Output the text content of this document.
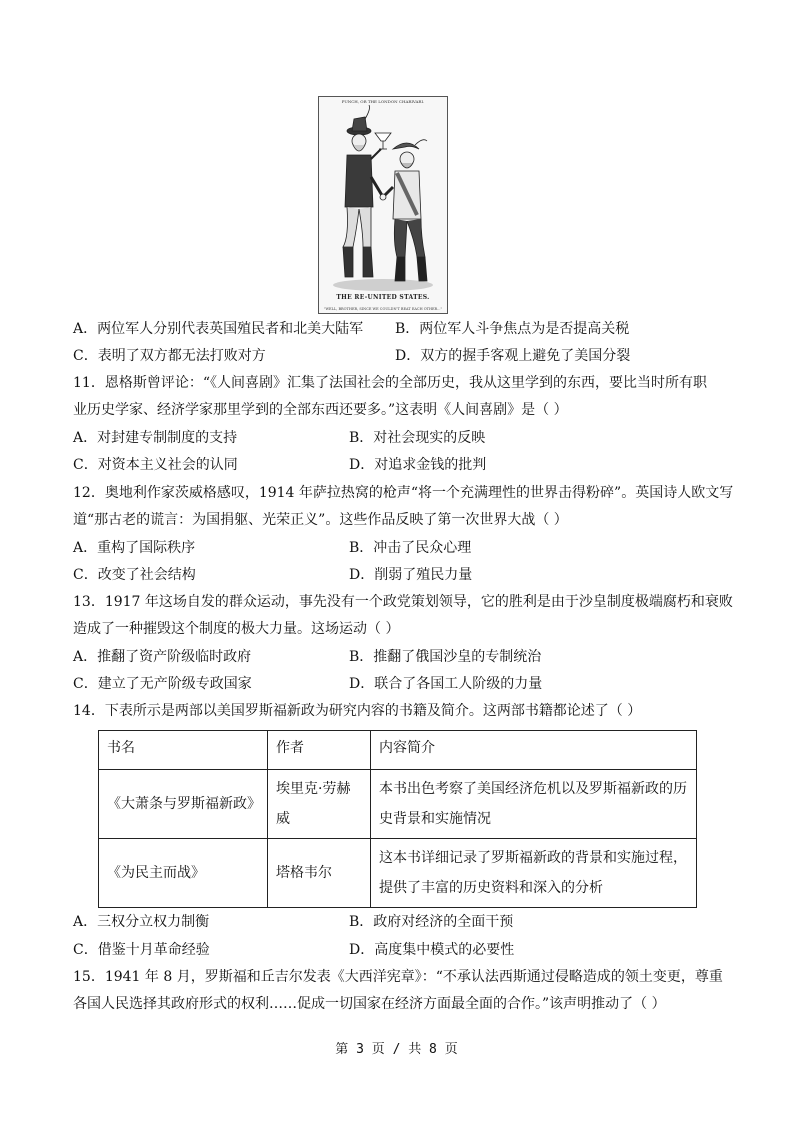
PUNCH, OR THE LONDON CHARIVARI.
THE RE-UNITED STATES.
"WELL, BROTHER, SINCE WE COULDN'T BEAT EACH OTHER..."
A．两位军人分别代表英国殖民者和北美大陆军 B．两位军人斗争焦点为是否提高关税
C．表明了双方都无法打败对方	D．双方的握手客观上避免了美国分裂
11．恩格斯曾评论：“《人间喜剧》汇集了法国社会的全部历史，我从这里学到的东西，要比当时所有职
业历史学家、经济学家那里学到的全部东西还要多。”这表明《人间喜剧》是（ ）
A．对封建专制制度的支持	B．对社会现实的反映
C．对资本主义社会的认同	D．对追求金钱的批判
12．奥地利作家茨威格感叹，1914 年萨拉热窝的枪声“将一个充满理性的世界击得粉碎”。英国诗人欧文写
道“那古老的谎言：为国捐躯、光荣正义”。这些作品反映了第一次世界大战（ ）
A．重构了国际秩序	B．冲击了民众心理
C．改变了社会结构	D．削弱了殖民力量
13．1917 年这场自发的群众运动，事先没有一个政党策划领导，它的胜利是由于沙皇制度极端腐朽和衰败
造成了一种摧毁这个制度的极大力量。这场运动（ ）
A．推翻了资产阶级临时政府	B．推翻了俄国沙皇的专制统治
C．建立了无产阶级专政国家	D．联合了各国工人阶级的力量
14．下表所示是两部以美国罗斯福新政为研究内容的书籍及简介。这两部书籍都论述了（ ）
书名	作者	内容简介
《大萧条与罗斯福新政》	埃里克·劳赫威	本书出色考察了美国经济危机以及罗斯福新政的历
史背景和实施情况

《为民主而战》	塔格韦尔	这本书详细记录了罗斯福新政的背景和实施过程，
提供了丰富的历史资料和深入的分析
A．三权分立权力制衡	B．政府对经济的全面干预
C．借鉴十月革命经验	D．高度集中模式的必要性
15．1941 年 8 月，罗斯福和丘吉尔发表《大西洋宪章》：“不承认法西斯通过侵略造成的领土变更，尊重
各国人民选择其政府形式的权利……促成一切国家在经济方面最全面的合作。”该声明推动了（ ）
第 3 页 / 共 8 页
